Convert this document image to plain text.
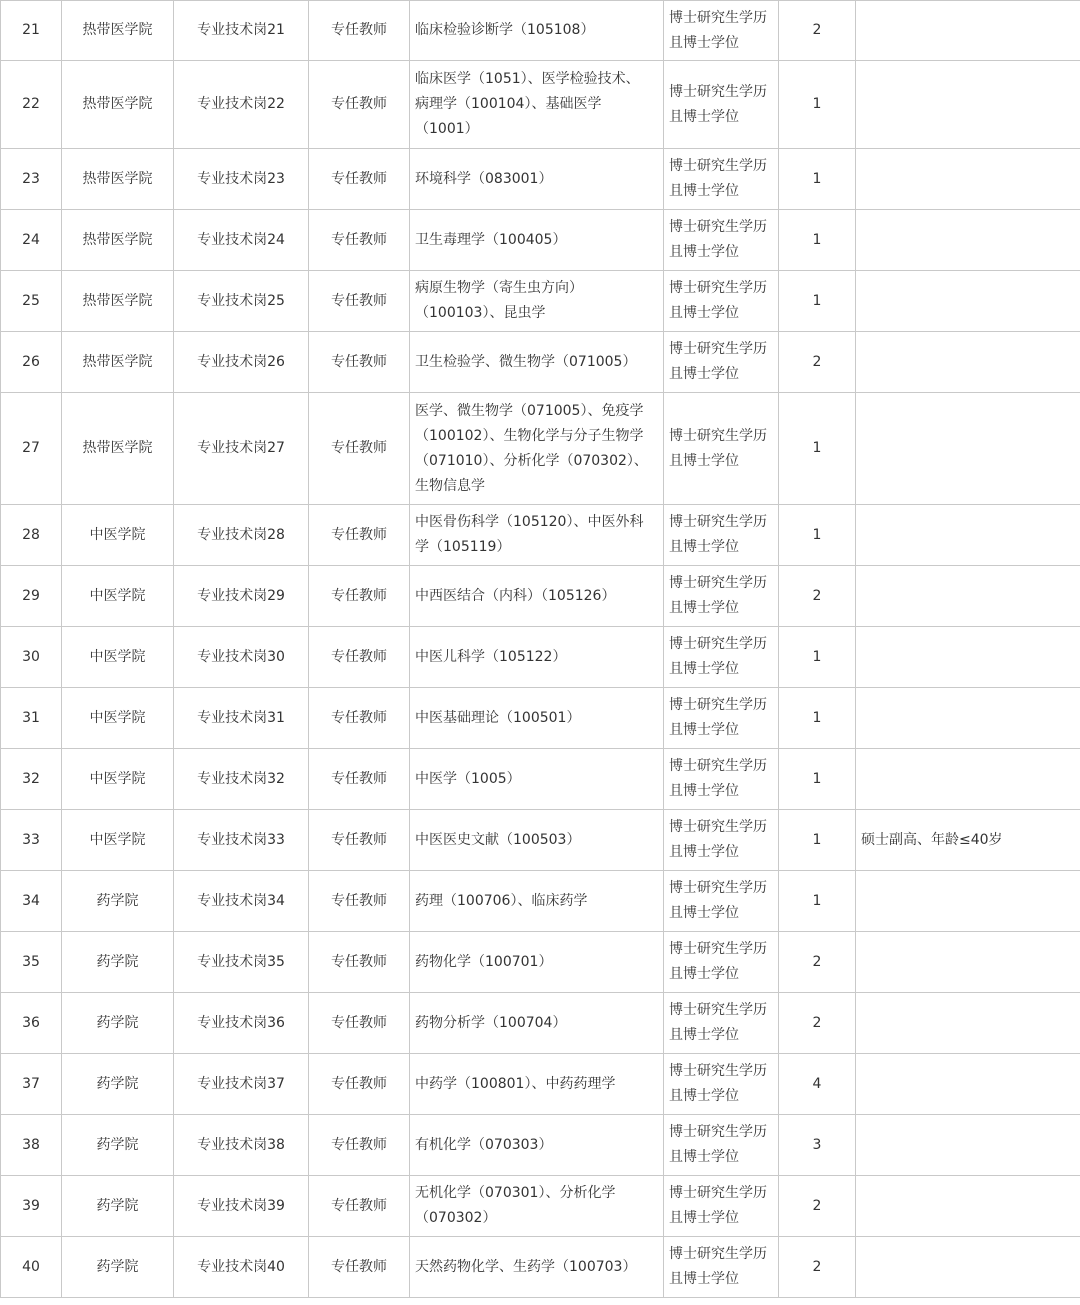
21	热带医学院	专业技术岗21	专任教师	临床检验诊断学（105108）	博士研究生学历
且博士学位	2	
22	热带医学院	专业技术岗22	专任教师	临床医学（1051）、医学检验技术、
病理学（100104）、基础医学
（1001）	博士研究生学历
且博士学位	1	
23	热带医学院	专业技术岗23	专任教师	环境科学（083001）	博士研究生学历
且博士学位	1	
24	热带医学院	专业技术岗24	专任教师	卫生毒理学（100405）	博士研究生学历
且博士学位	1	
25	热带医学院	专业技术岗25	专任教师	病原生物学（寄生虫方向）
（100103）、昆虫学	博士研究生学历
且博士学位	1	
26	热带医学院	专业技术岗26	专任教师	卫生检验学、微生物学（071005）	博士研究生学历
且博士学位	2	
27	热带医学院	专业技术岗27	专任教师	医学、微生物学（071005）、免疫学
（100102）、生物化学与分子生物学
（071010）、分析化学（070302）、
生物信息学	博士研究生学历
且博士学位	1	
28	中医学院	专业技术岗28	专任教师	中医骨伤科学（105120）、中医外科
学（105119）	博士研究生学历
且博士学位	1	
29	中医学院	专业技术岗29	专任教师	中西医结合（内科）（105126）	博士研究生学历
且博士学位	2	
30	中医学院	专业技术岗30	专任教师	中医儿科学（105122）	博士研究生学历
且博士学位	1	
31	中医学院	专业技术岗31	专任教师	中医基础理论（100501）	博士研究生学历
且博士学位	1	
32	中医学院	专业技术岗32	专任教师	中医学（1005）	博士研究生学历
且博士学位	1	
33	中医学院	专业技术岗33	专任教师	中医医史文献（100503）	博士研究生学历
且博士学位	1	硕士副高、年龄≤40岁
34	药学院	专业技术岗34	专任教师	药理（100706）、临床药学	博士研究生学历
且博士学位	1	
35	药学院	专业技术岗35	专任教师	药物化学（100701）	博士研究生学历
且博士学位	2	
36	药学院	专业技术岗36	专任教师	药物分析学（100704）	博士研究生学历
且博士学位	2	
37	药学院	专业技术岗37	专任教师	中药学（100801）、中药药理学	博士研究生学历
且博士学位	4	
38	药学院	专业技术岗38	专任教师	有机化学（070303）	博士研究生学历
且博士学位	3	
39	药学院	专业技术岗39	专任教师	无机化学（070301）、分析化学
（070302）	博士研究生学历
且博士学位	2	
40	药学院	专业技术岗40	专任教师	天然药物化学、生药学（100703）	博士研究生学历
且博士学位	2	
